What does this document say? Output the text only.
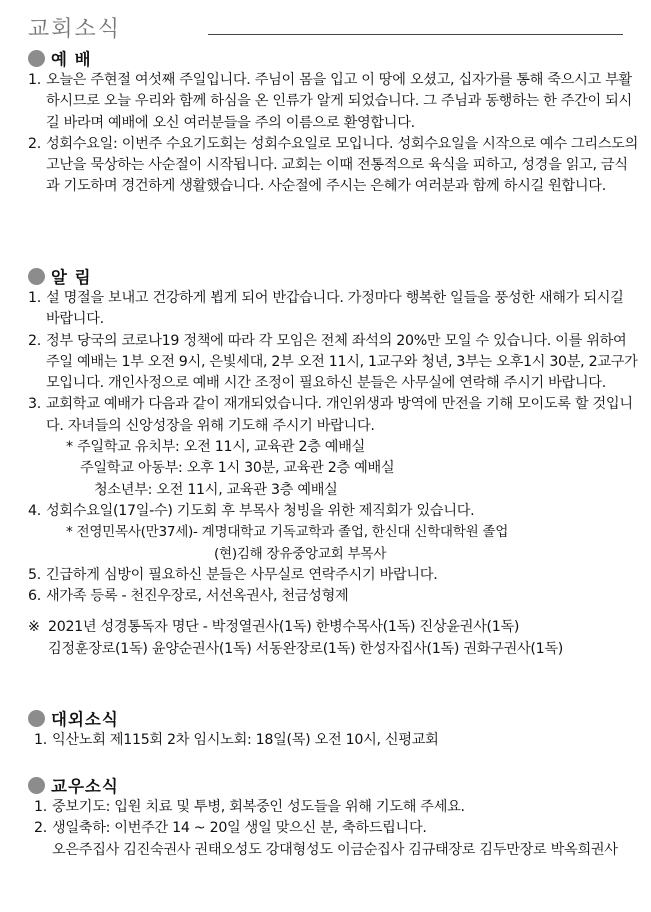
교회소식
예 배
1. 오늘은 주현절 여섯째 주일입니다. 주님이 몸을 입고 이 땅에 오셨고, 십자가를 통해 죽으시고 부활하시므로 오늘 우리와 함께 하심을 온 인류가 알게 되었습니다. 그 주님과 동행하는 한 주간이 되시길 바라며 예배에 오신 여러분들을 주의 이름으로 환영합니다.
2. 성회수요일: 이번주 수요기도회는 성회수요일로 모입니다. 성회수요일을 시작으로 예수 그리스도의 고난을 묵상하는 사순절이 시작됩니다. 교회는 이때 전통적으로 육식을 피하고, 성경을 읽고, 금식과 기도하며 경건하게 생활했습니다. 사순절에 주시는 은혜가 여러분과 함께 하시길 원합니다.
알 림
1. 설 명절을 보내고 건강하게 뵙게 되어 반갑습니다. 가정마다 행복한 일들을 풍성한 새해가 되시길 바랍니다.
2. 정부 당국의 코로나19 정책에 따라 각 모임은 전체 좌석의 20%만 모일 수 있습니다. 이를 위하여 주일 예배는 1부 오전 9시, 은빛세대, 2부 오전 11시, 1교구와 청년, 3부는 오후1시 30분, 2교구가 모입니다. 개인사정으로 예배 시간 조정이 필요하신 분들은 사무실에 연락해 주시기 바랍니다.
3. 교회학교 예배가 다음과 같이 재개되었습니다. 개인위생과 방역에 만전을 기해 모이도록 할 것입니다. 자녀들의 신앙성장을 위해 기도해 주시기 바랍니다.
* 주일학교 유치부: 오전 11시, 교육관 2층 예배실
주일학교 아동부: 오후 1시 30분, 교육관 2층 예배실
청소년부: 오전 11시, 교육관 3층 예배실
4. 성회수요일(17일-수) 기도회 후 부목사 청빙을 위한 제직회가 있습니다.
* 전영민목사(만37세)- 계명대학교 기독교학과 졸업, 한신대 신학대학원 졸업
(현)김해 장유중앙교회 부목사
5. 긴급하게 심방이 필요하신 분들은 사무실로 연락주시기 바랍니다.
6. 새가족 등록 - 천진우장로, 서선옥권사, 천금성형제
※ 2021년 성경통독자 명단 - 박정열권사(1독) 한병수목사(1독) 진상윤권사(1독)
김정훈장로(1독) 윤양순권사(1독) 서동완장로(1독) 한성자집사(1독) 권화구권사(1독)
대외소식
1. 익산노회 제115회 2차 임시노회: 18일(목) 오전 10시, 신평교회
교우소식
1. 중보기도: 입원 치료 및 투병, 회복중인 성도들을 위해 기도해 주세요.
2. 생일축하: 이번주간 14 ~ 20일 생일 맞으신 분, 축하드립니다.
오은주집사 김진숙권사 권태오성도 강대형성도 이금순집사 김규태장로 김두만장로 박옥희권사
